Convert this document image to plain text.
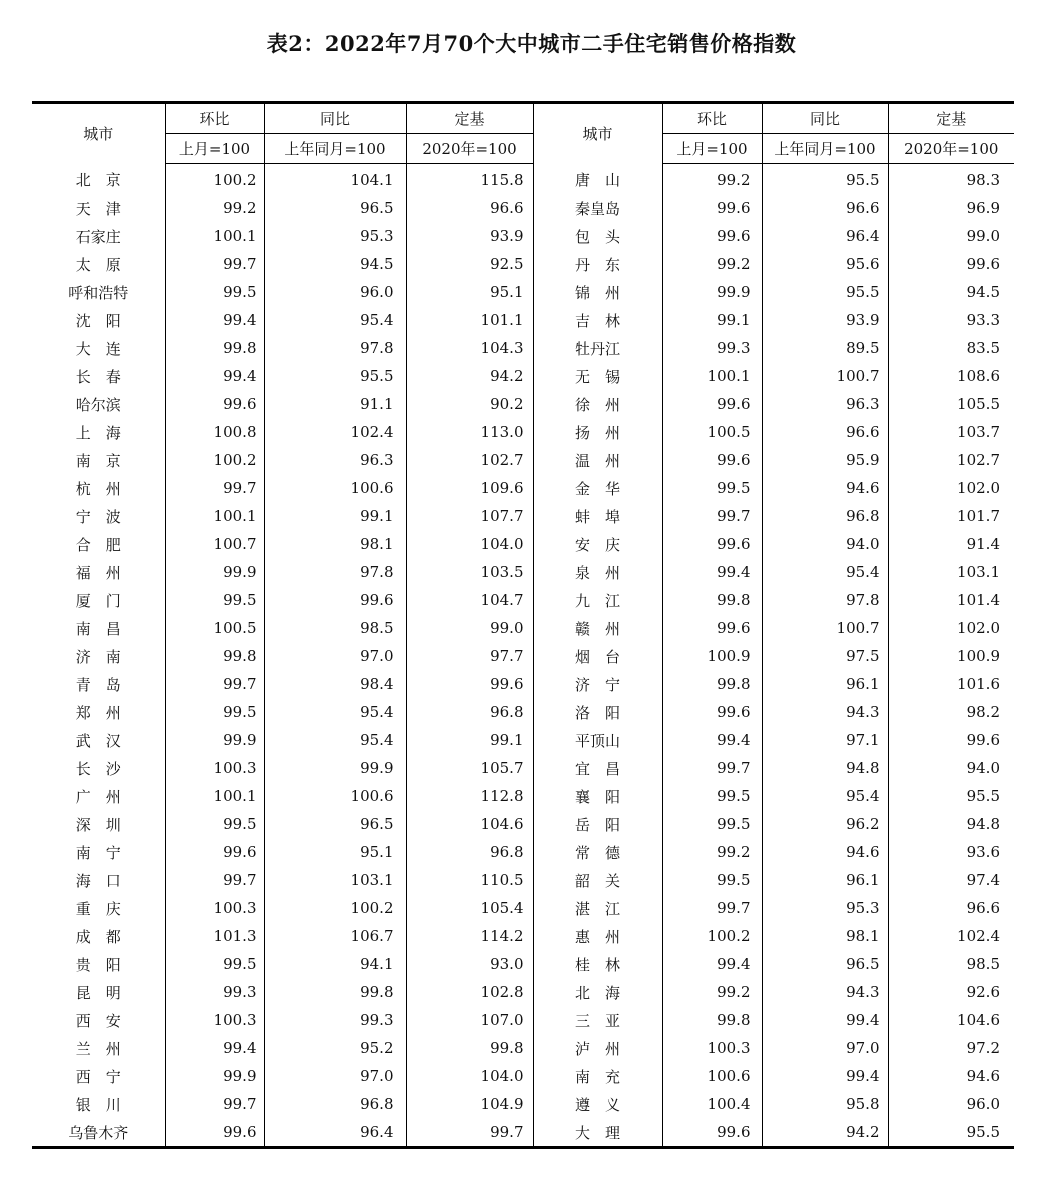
表2：2022年7月70个大中城市二手住宅销售价格指数
城市	环比	同比	定基	城市	环比	同比	定基
	上月=100	上年同月=100	2020年=100		上月=100	上年同月=100	2020年=100
北　京	100.2	104.1	115.8	唐　山	99.2	95.5	98.3
天　津	99.2	96.5	96.6	秦皇岛	99.6	96.6	96.9
石家庄	100.1	95.3	93.9	包　头	99.6	96.4	99.0
太　原	99.7	94.5	92.5	丹　东	99.2	95.6	99.6
呼和浩特	99.5	96.0	95.1	锦　州	99.9	95.5	94.5
沈　阳	99.4	95.4	101.1	吉　林	99.1	93.9	93.3
大　连	99.8	97.8	104.3	牡丹江	99.3	89.5	83.5
长　春	99.4	95.5	94.2	无　锡	100.1	100.7	108.6
哈尔滨	99.6	91.1	90.2	徐　州	99.6	96.3	105.5
上　海	100.8	102.4	113.0	扬　州	100.5	96.6	103.7
南　京	100.2	96.3	102.7	温　州	99.6	95.9	102.7
杭　州	99.7	100.6	109.6	金　华	99.5	94.6	102.0
宁　波	100.1	99.1	107.7	蚌　埠	99.7	96.8	101.7
合　肥	100.7	98.1	104.0	安　庆	99.6	94.0	91.4
福　州	99.9	97.8	103.5	泉　州	99.4	95.4	103.1
厦　门	99.5	99.6	104.7	九　江	99.8	97.8	101.4
南　昌	100.5	98.5	99.0	赣　州	99.6	100.7	102.0
济　南	99.8	97.0	97.7	烟　台	100.9	97.5	100.9
青　岛	99.7	98.4	99.6	济　宁	99.8	96.1	101.6
郑　州	99.5	95.4	96.8	洛　阳	99.6	94.3	98.2
武　汉	99.9	95.4	99.1	平顶山	99.4	97.1	99.6
长　沙	100.3	99.9	105.7	宜　昌	99.7	94.8	94.0
广　州	100.1	100.6	112.8	襄　阳	99.5	95.4	95.5
深　圳	99.5	96.5	104.6	岳　阳	99.5	96.2	94.8
南　宁	99.6	95.1	96.8	常　德	99.2	94.6	93.6
海　口	99.7	103.1	110.5	韶　关	99.5	96.1	97.4
重　庆	100.3	100.2	105.4	湛　江	99.7	95.3	96.6
成　都	101.3	106.7	114.2	惠　州	100.2	98.1	102.4
贵　阳	99.5	94.1	93.0	桂　林	99.4	96.5	98.5
昆　明	99.3	99.8	102.8	北　海	99.2	94.3	92.6
西　安	100.3	99.3	107.0	三　亚	99.8	99.4	104.6
兰　州	99.4	95.2	99.8	泸　州	100.3	97.0	97.2
西　宁	99.9	97.0	104.0	南　充	100.6	99.4	94.6
银　川	99.7	96.8	104.9	遵　义	100.4	95.8	96.0
乌鲁木齐	99.6	96.4	99.7	大　理	99.6	94.2	95.5
